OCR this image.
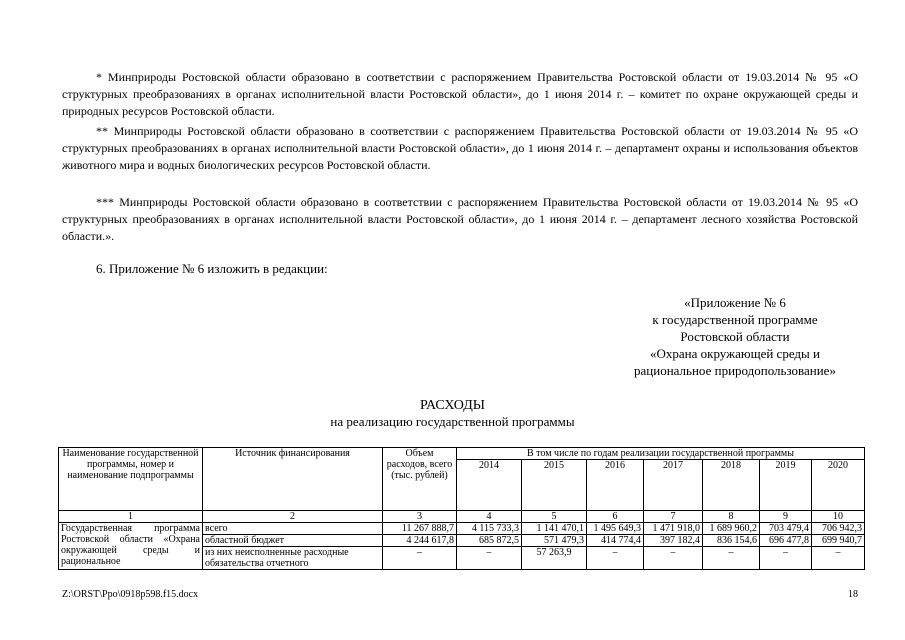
* Минприроды Ростовской области образовано в соответствии с распоряжением Правительства Ростовской области от 19.03.2014 № 95 «О структурных преобразованиях в органах исполнительной власти Ростовской области», до 1 июня 2014 г. – комитет по охране окружающей среды и природных ресурсов Ростовской области.

** Минприроды Ростовской области образовано в соответствии с распоряжением Правительства Ростовской области от 19.03.2014 № 95 «О структурных преобразованиях в органах исполнительной власти Ростовской области», до 1 июня 2014 г. – департамент охраны и использования объектов животного мира и водных биологических ресурсов Ростовской области.

*** Минприроды Ростовской области образовано в соответствии с распоряжением Правительства Ростовской области от 19.03.2014 № 95 «О структурных преобразованиях в органах исполнительной власти Ростовской области», до 1 июня 2014 г. – департамент лесного хозяйства Ростовской области.».

6. Приложение № 6 изложить в редакции:

«Приложение № 6
к государственной программе
Ростовской области
«Охрана окружающей среды и
рациональное природопользование»
РАСХОДЫ
на реализацию государственной программы
Наименование государственной программы, номер и наименование подпрограммы	Источник финансирования	Объем расходов, всего (тыс. рублей)	В том числе по годам реализации государственной программы						
			2014	2015	2016	2017	2018	2019	2020
1	2	3	4	5	6	7	8	9	10
Государственная программа Ростовской области «Охрана окружающей среды и рациональное	всего	11 267 888,7	4 115 733,3	1 141 470,1	1 495 649,3	1 471 918,0	1 689 960,2	703 479,4	706 942,3
	областной бюджет	4 244 617,8	685 872,5	571 479,3	414 774,4	397 182,4	836 154,6	696 477,8	699 940,7
	из них неисполненные расходные обязательства отчетного	–	–	57 263,9	–	–	–	–	–
Z:\ORST\Ppo\0918p598.f15.docx	18
